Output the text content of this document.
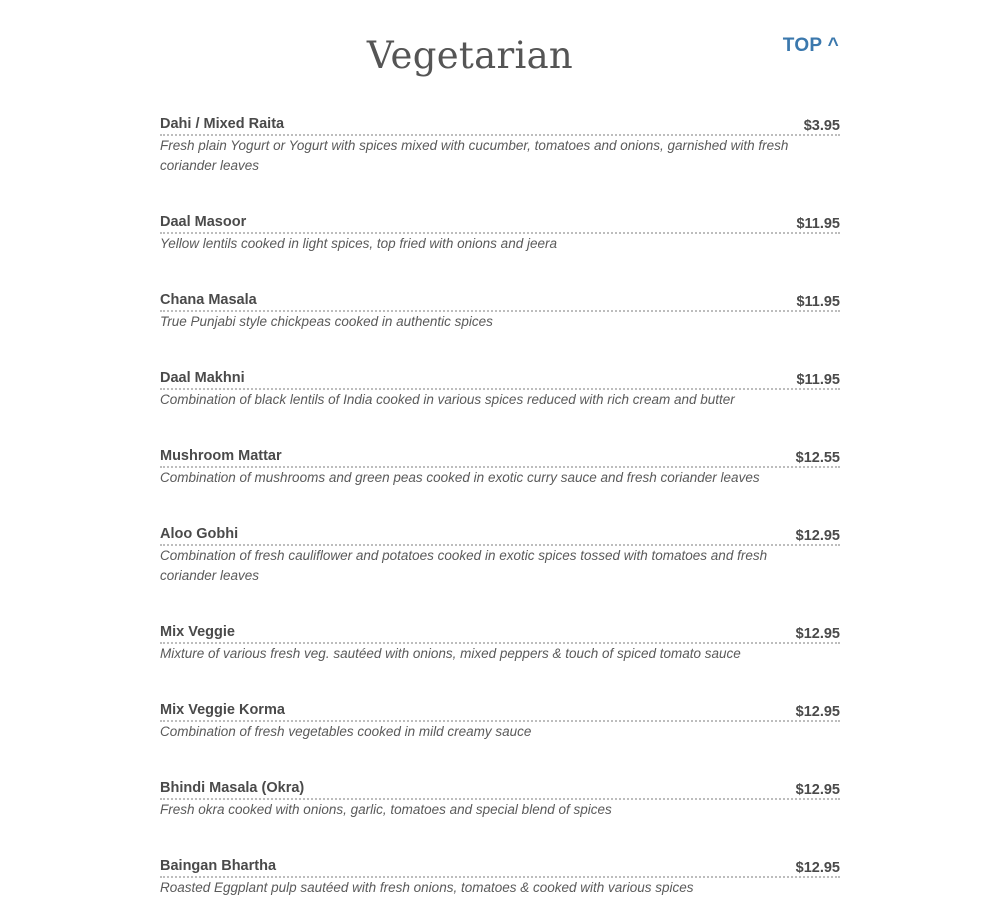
Vegetarian	TOP ^
Dahi / Mixed Raita	$3.95
Fresh plain Yogurt or Yogurt with spices mixed with cucumber, tomatoes and onions, garnished with fresh coriander leaves
Daal Masoor	$11.95
Yellow lentils cooked in light spices, top fried with onions and jeera
Chana Masala	$11.95
True Punjabi style chickpeas cooked in authentic spices
Daal Makhni	$11.95
Combination of black lentils of India cooked in various spices reduced with rich cream and butter
Mushroom Mattar	$12.55
Combination of mushrooms and green peas cooked in exotic curry sauce and fresh coriander leaves
Aloo Gobhi	$12.95
Combination of fresh cauliflower and potatoes cooked in exotic spices tossed with tomatoes and fresh coriander leaves
Mix Veggie	$12.95
Mixture of various fresh veg. sautéed with onions, mixed peppers & touch of spiced tomato sauce
Mix Veggie Korma	$12.95
Combination of fresh vegetables cooked in mild creamy sauce
Bhindi Masala (Okra)	$12.95
Fresh okra cooked with onions, garlic, tomatoes and special blend of spices
Baingan Bhartha	$12.95
Roasted Eggplant pulp sautéed with fresh onions, tomatoes & cooked with various spices
